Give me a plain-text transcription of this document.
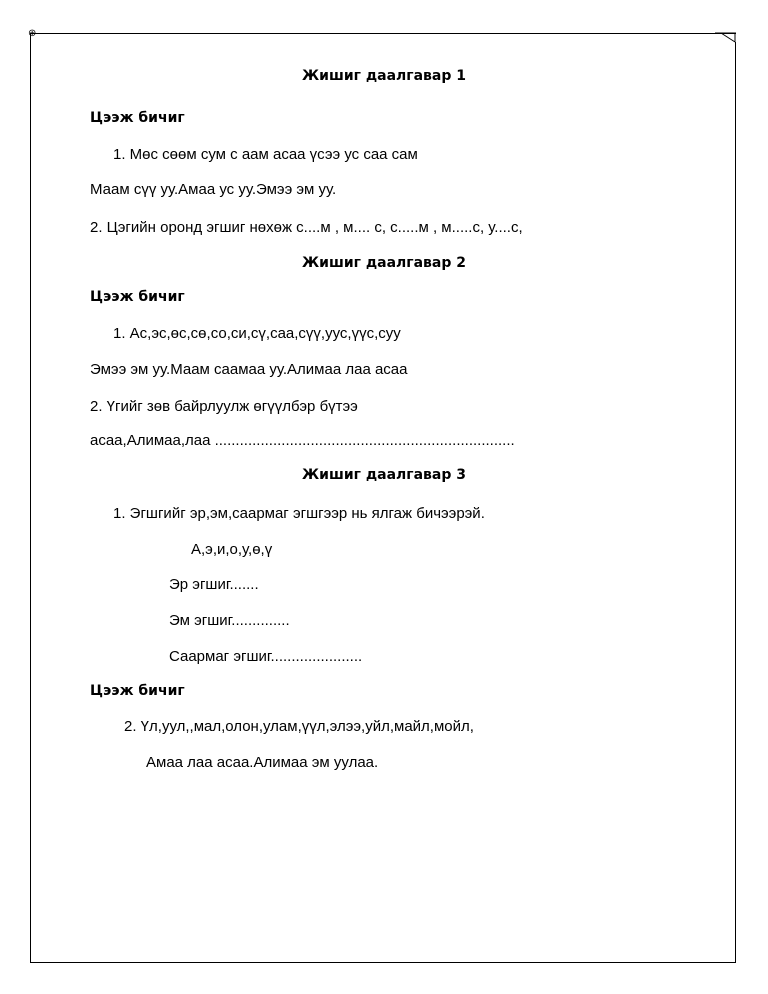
⊕
Жишиг даалгавар 1
Цээж бичиг
1. Мөс сөөм сум с аам асаа үсээ ус саа сам
Маам сүү уу.Амаа ус уу.Эмээ эм уу.
2. Цэгийн оронд эгшиг нөхөж с....м , м.... с, с.....м , м.....с, у....с,
Жишиг даалгавар 2
Цээж бичиг
1. Ас,эс,өс,сө,со,си,сү,саа,сүү,уус,үүс,суу
Эмээ эм уу.Маам саамаа уу.Алимаа лаа асаа
2. Үгийг зөв байрлуулж өгүүлбэр бүтээ
асаа,Алимаа,лаа ........................................................................
Жишиг даалгавар 3
1. Эгшгийг эр,эм,саармаг эгшгээр нь ялгаж бичээрэй.
А,э,и,о,у,ө,ү
Эр эгшиг.......
Эм эгшиг..............
Саармаг эгшиг......................
Цээж бичиг
2. Үл,уул,,мал,олон,улам,үүл,элээ,уйл,майл,мойл,
Амаа лаа асаа.Алимаа эм уулаа.
